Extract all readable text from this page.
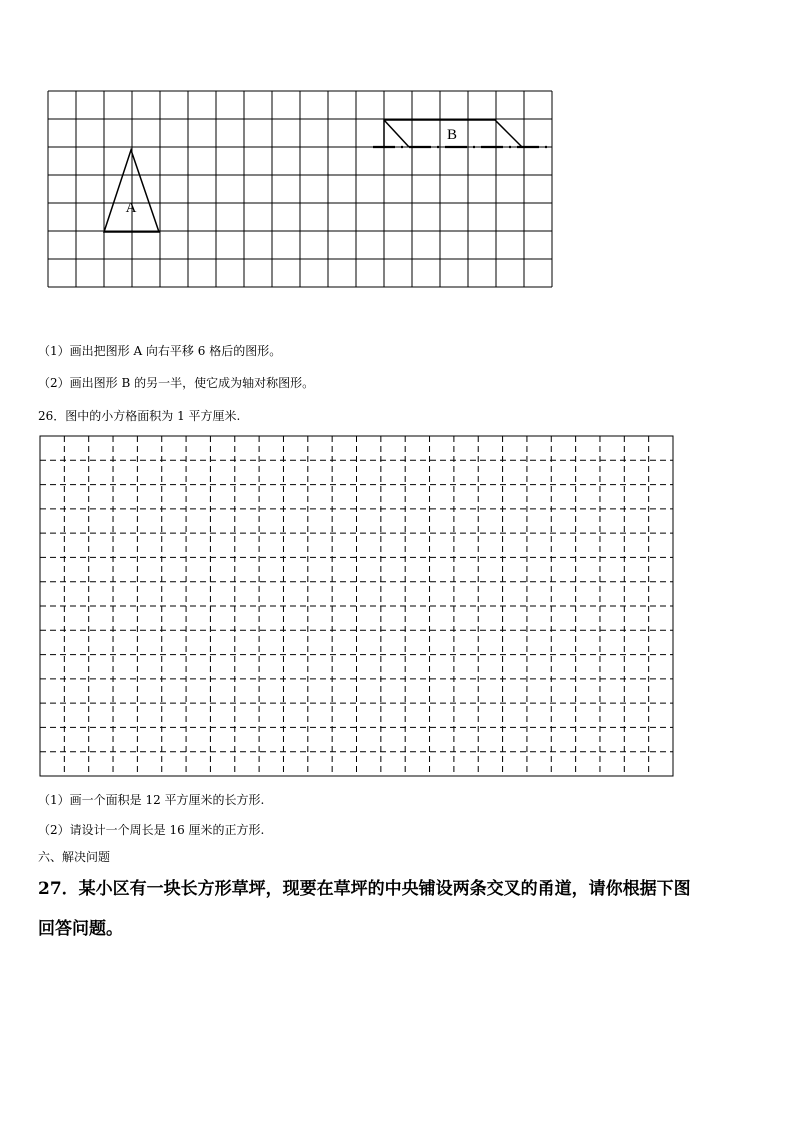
A
B
（1）画出把图形 A 向右平移 6 格后的图形。
（2）画出图形 B 的另一半，使它成为轴对称图形。
26．图中的小方格面积为 1 平方厘米.
（1）画一个面积是 12 平方厘米的长方形.
（2）请设计一个周长是 16 厘米的正方形.
六、解决问题
27．某小区有一块长方形草坪，现要在草坪的中央铺设两条交叉的甬道，请你根据下图
回答问题。
